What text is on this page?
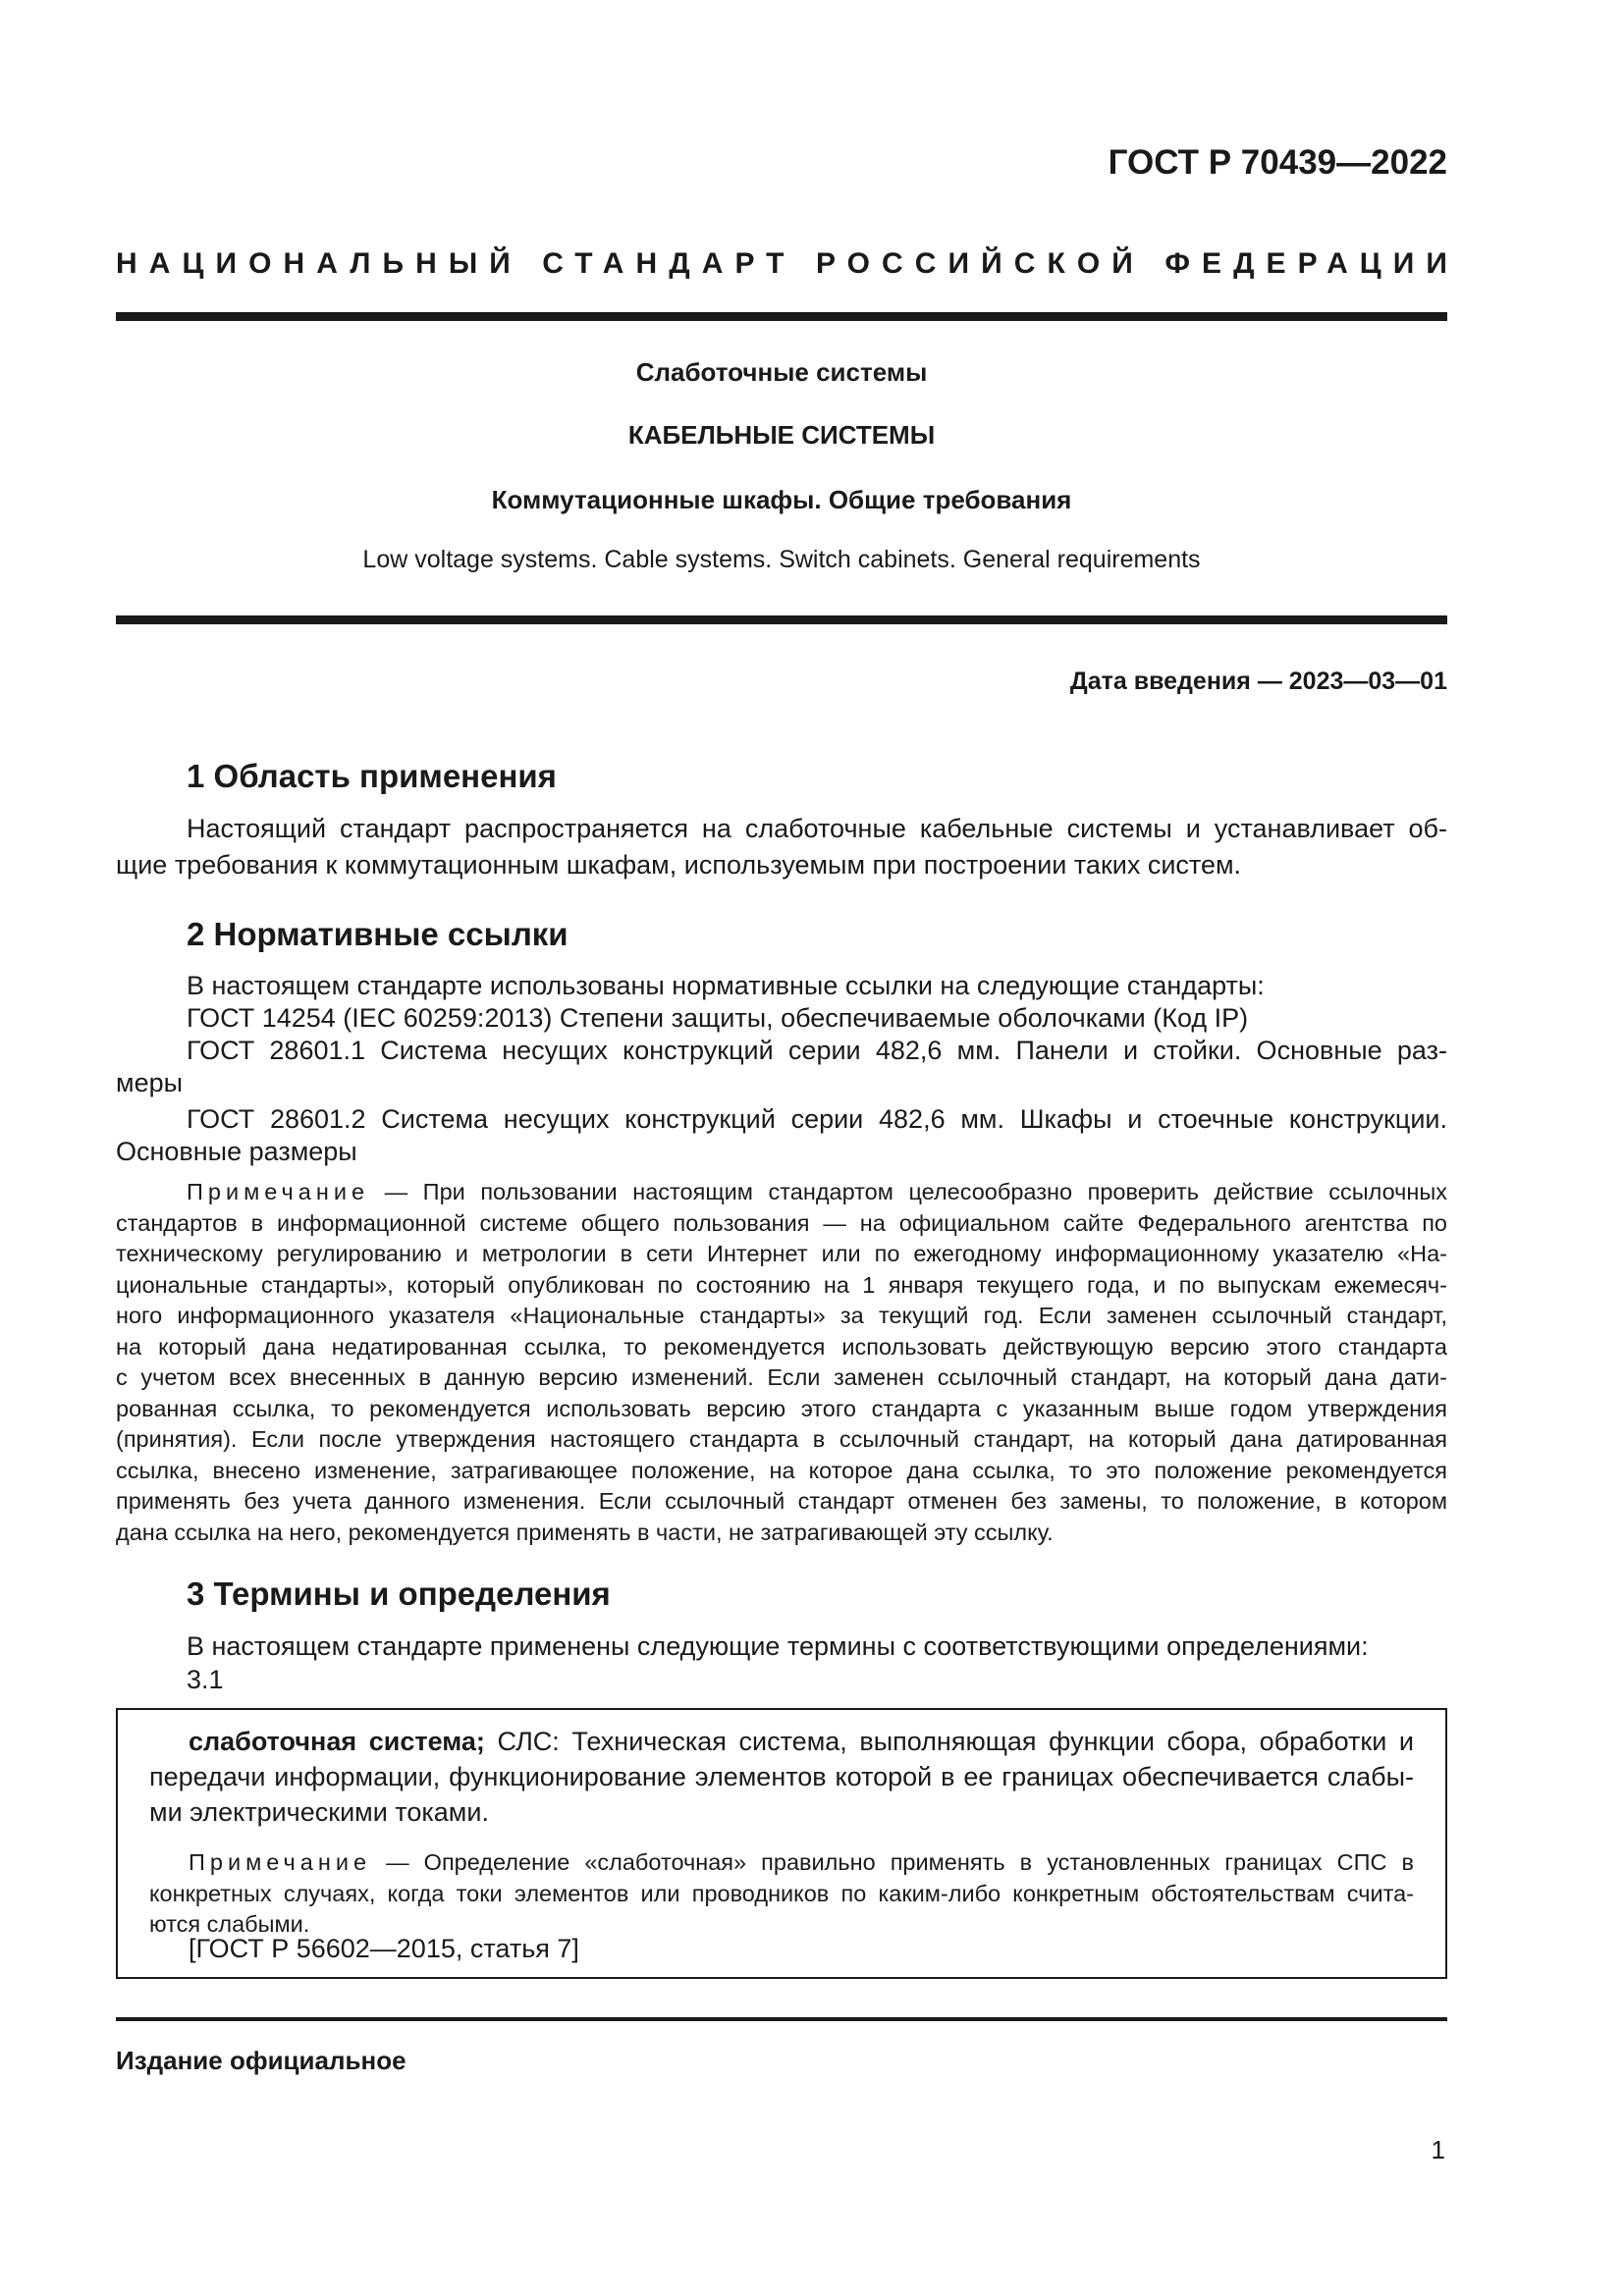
ГОСТ Р 70439—2022
НАЦИОНАЛЬНЫЙ СТАНДАРТ РОССИЙСКОЙ ФЕДЕРАЦИИ
Слаботочные системы
КАБЕЛЬНЫЕ СИСТЕМЫ
Коммутационные шкафы. Общие требования
Low voltage systems. Cable systems. Switch cabinets. General requirements
Дата введения — 2023—03—01
1 Область применения
Настоящий стандарт распространяется на слаботочные кабельные системы и устанавливает об-
щие требования к коммутационным шкафам, используемым при построении таких систем.
2 Нормативные ссылки
В настоящем стандарте использованы нормативные ссылки на следующие стандарты:
ГОСТ 14254 (IEC 60259:2013) Степени защиты, обеспечиваемые оболочками (Код IP)
ГОСТ 28601.1 Система несущих конструкций серии 482,6 мм. Панели и стойки. Основные раз-
меры
ГОСТ 28601.2 Система несущих конструкций серии 482,6 мм. Шкафы и стоечные конструкции.
Основные размеры
Примечание — При пользовании настоящим стандартом целесообразно проверить действие ссылочных
стандартов в информационной системе общего пользования — на официальном сайте Федерального агентства по
техническому регулированию и метрологии в сети Интернет или по ежегодному информационному указателю «На-
циональные стандарты», который опубликован по состоянию на 1 января текущего года, и по выпускам ежемесяч-
ного информационного указателя «Национальные стандарты» за текущий год. Если заменен ссылочный стандарт,
на который дана недатированная ссылка, то рекомендуется использовать действующую версию этого стандарта
с учетом всех внесенных в данную версию изменений. Если заменен ссылочный стандарт, на который дана дати-
рованная ссылка, то рекомендуется использовать версию этого стандарта с указанным выше годом утверждения
(принятия). Если после утверждения настоящего стандарта в ссылочный стандарт, на который дана датированная
ссылка, внесено изменение, затрагивающее положение, на которое дана ссылка, то это положение рекомендуется
применять без учета данного изменения. Если ссылочный стандарт отменен без замены, то положение, в котором
дана ссылка на него, рекомендуется применять в части, не затрагивающей эту ссылку.
3 Термины и определения
В настоящем стандарте применены следующие термины с соответствующими определениями:
3.1
слаботочная система; СЛС: Техническая система, выполняющая функции сбора, обработки и
передачи информации, функционирование элементов которой в ее границах обеспечивается слабы-
ми электрическими токами.
Примечание — Определение «слаботочная» правильно применять в установленных границах СПС в
конкретных случаях, когда токи элементов или проводников по каким-либо конкретным обстоятельствам счита-
ются слабыми.
[ГОСТ Р 56602—2015, статья 7]
Издание официальное
1
